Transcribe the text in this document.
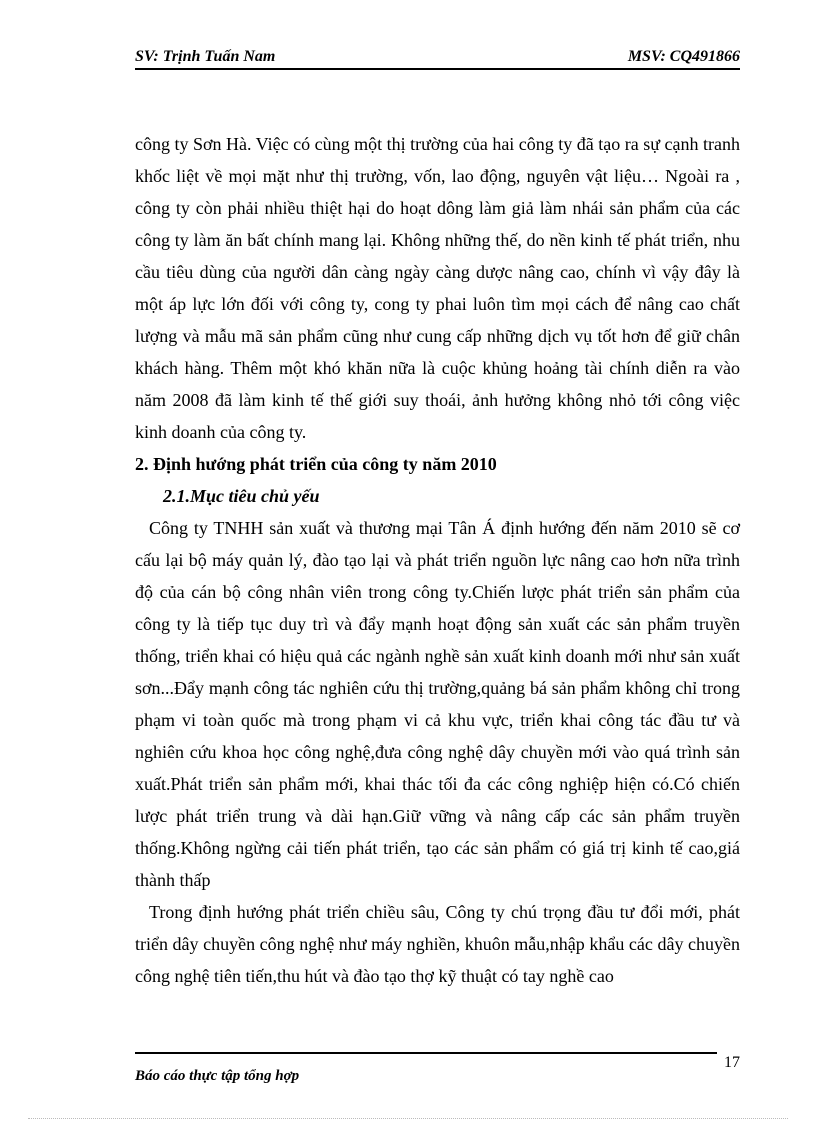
SV: Trịnh Tuấn Nam	MSV: CQ491866

công ty Sơn Hà. Việc có cùng một thị trường của hai công ty đã tạo ra sự cạnh tranh khốc liệt về mọi mặt như thị trường, vốn, lao động, nguyên vật liệu… Ngoài ra , công ty còn phải nhiều thiệt hại do hoạt dông làm giả làm nhái sản phẩm của các công ty làm ăn bất chính mang lại. Không những thế, do nền kinh tế phát triển, nhu cầu tiêu dùng của người dân càng ngày càng dược nâng cao, chính vì vậy đây là một áp lực lớn đối với công ty, cong ty phai luôn tìm mọi cách để nâng cao chất lượng và mẫu mã sản phẩm cũng như cung cấp những dịch vụ tốt hơn để giữ chân khách hàng. Thêm một khó khăn nữa là cuộc khủng hoảng tài chính diễn ra vào năm 2008 đã làm kinh tế thế giới suy thoái, ảnh hưởng không nhỏ tới công việc kinh doanh của công ty.

2. Định hướng phát triển của công ty năm 2010

2.1.Mục tiêu chủ yếu

Công ty TNHH sản xuất và thương mại Tân Á định hướng đến năm 2010 sẽ cơ cấu lại bộ máy quản lý, đào tạo lại và phát triển nguồn lực nâng cao hơn nữa trình độ của cán bộ công nhân viên trong công ty.Chiến lược phát triển sản phẩm của công ty là tiếp tục duy trì và đẩy mạnh hoạt động sản xuất các sản phẩm truyền thống, triển khai có hiệu quả các ngành nghề sản xuất kinh doanh mới như sản xuất sơn...Đẩy mạnh công tác nghiên cứu thị trường,quảng bá sản phẩm không chỉ trong phạm vi toàn quốc mà trong phạm vi cả khu vực, triển khai công tác đầu tư và nghiên cứu khoa học công nghệ,đưa công nghệ dây chuyền mới vào quá trình sản xuất.Phát triển sản phẩm mới, khai thác tối đa các công nghiệp hiện có.Có chiến lược phát triển trung và dài hạn.Giữ vững và nâng cấp các sản phẩm truyền thống.Không ngừng cải tiến phát triển, tạo các sản phẩm có giá trị kinh tế cao,giá thành thấp

Trong định hướng phát triển chiều sâu, Công ty chú trọng đầu tư đổi mới, phát triển dây chuyền công nghệ như máy nghiền, khuôn mẫu,nhập khẩu các dây chuyền công nghệ tiên tiến,thu hút và đào tạo thợ kỹ thuật có tay nghề cao

Báo cáo thực tập tổng hợp
17
